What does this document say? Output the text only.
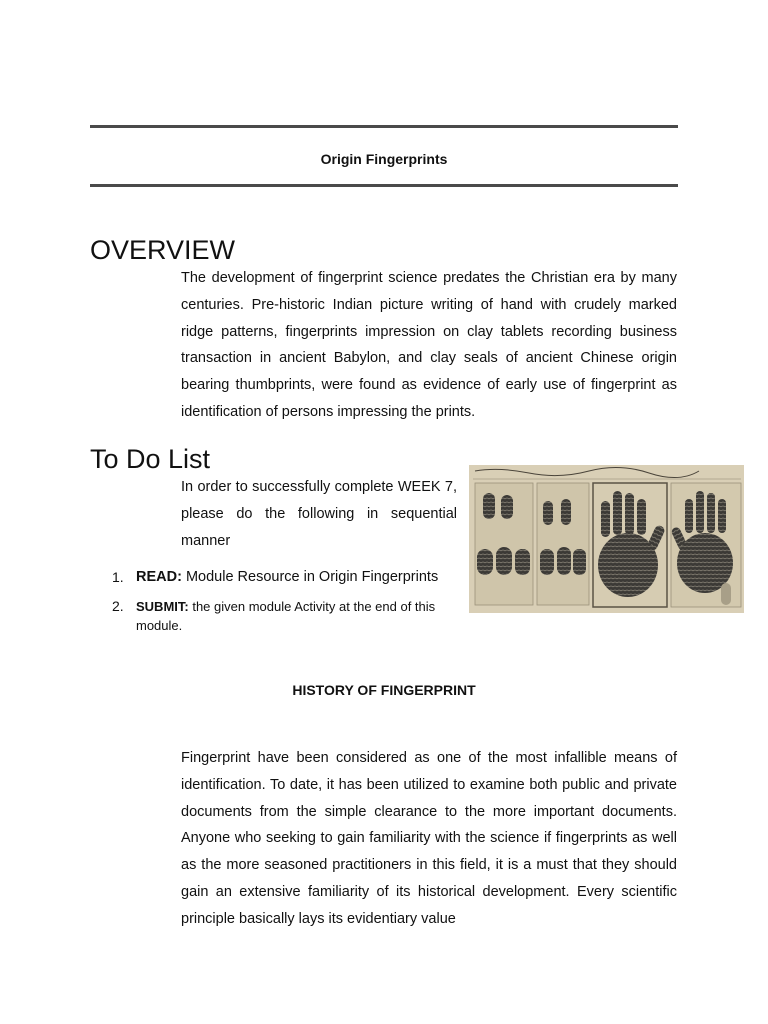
Origin Fingerprints
OVERVIEW

The development of fingerprint science predates the Christian era by many centuries. Pre-historic Indian picture writing of hand with crudely marked ridge patterns, fingerprints impression on clay tablets recording business transaction in ancient Babylon, and clay seals of ancient Chinese origin bearing thumbprints, were found as evidence of early use of fingerprint as identification of persons impressing the prints.

To Do List

In order to successfully complete WEEK 7, please do the following in sequential manner

1. READ: Module Resource in Origin Fingerprints
2. SUBMIT: the given module Activity at the end of this module.
HISTORY OF FINGERPRINT

Fingerprint have been considered as one of the most infallible means of identification. To date, it has been utilized to examine both public and private documents from the simple clearance to the more important documents. Anyone who seeking to gain familiarity with the science if fingerprints as well as the more seasoned practitioners in this field, it is a must that they should gain an extensive familiarity of its historical development. Every scientific principle basically lays its evidentiary value
